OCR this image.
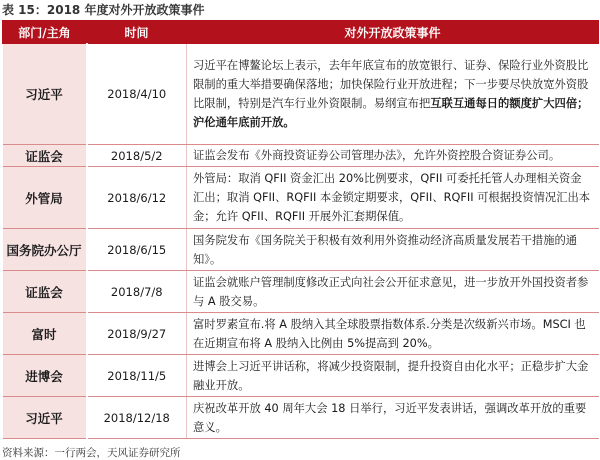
表 15：2018 年度对外开放政策事件
部门/主角	时间	对外开放政策事件
习近平	2018/4/10	习近平在博鳌论坛上表示，去年年底宣布的放宽银行、证券、保险行业外资股比限制的重大举措要确保落地；加快保险行业开放进程；下一步要尽快放宽外资股比限制，特别是汽车行业外资限制。易纲宣布把互联互通每日的额度扩大四倍；沪伦通年底前开放。
证监会	2018/5/2	证监会发布《外商投资证券公司管理办法》，允许外资控股合资证券公司。
外管局	2018/6/12	外管局：取消 QFII 资金汇出 20%比例要求，QFII 可委托托管人办理相关资金汇出；取消 QFII、RQFII 本金锁定期要求，QFII、RQFII 可根据投资情况汇出本金；允许 QFII、RQFII 开展外汇套期保值。
国务院办公厅	2018/6/15	国务院发布《国务院关于积极有效利用外资推动经济高质量发展若干措施的通知》。
证监会	2018/7/8	证监会就账户管理制度修改正式向社会公开征求意见，进一步放开外国投资者参与 A 股交易。
富时	2018/9/27	富时罗素宣布.将 A 股纳入其全球股票指数体系.分类是次级新兴市场。MSCI 也在近期宣布将 A 股纳入比例由 5%提高到 20%。
进博会	2018/11/5	进博会上习近平讲话称，将减少投资限制，提升投资自由化水平；正稳步扩大金融业开放。
习近平	2018/12/18	庆祝改革开放 40 周年大会 18 日举行，习近平发表讲话，强调改革开放的重要意义。
资料来源：一行两会，天风证券研究所
